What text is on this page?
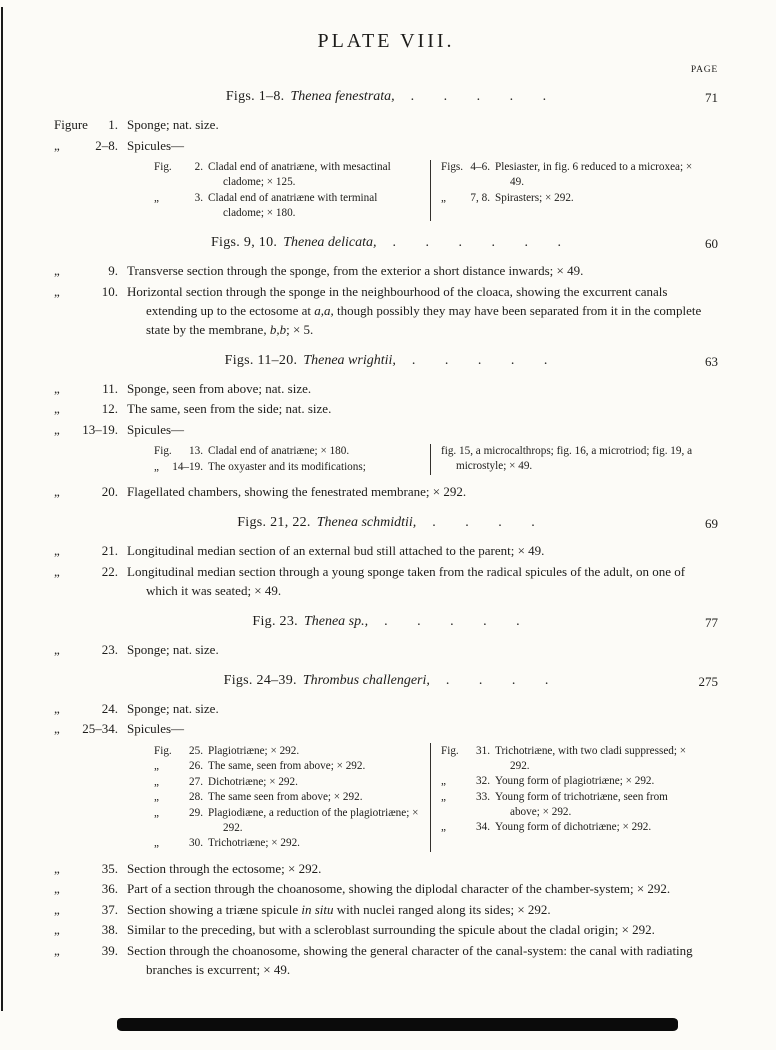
PLATE VIII.
PAGE
Figs. 1–8. Thenea fenestrata, . . . . .	71
Figure 1. Sponge; nat. size.
„	2–8. Spicules—
Fig. 2. Cladal end of anatriæne, with mesactinal cladome; × 125.
„	3. Cladal end of anatriæne with terminal cladome; × 180.
Figs. 4–6. Plesiaster, in fig. 6 reduced to a microxea; × 49.
„ 7, 8. Spirasters; × 292.
Figs. 9, 10. Thenea delicata, . . . . . .	60
„	9. Transverse section through the sponge, from the exterior a short distance inwards; × 49.
„	10. Horizontal section through the sponge in the neighbourhood of the cloaca, showing the excurrent canals extending up to the ectosome at a,a, though possibly they may have been separated from it in the complete state by the membrane, b,b; × 5.
Figs. 11–20. Thenea wrightii, . . . . .	63
„	11. Sponge, seen from above; nat. size.
„	12. The same, seen from the side; nat. size.
„ 13–19. Spicules—
Fig. 13. Cladal end of anatriæne; × 180.
„ 14–19. The oxyaster and its modifications;
fig. 15, a microcalthrops; fig. 16, a microtriod; fig. 19, a microstyle; × 49.
„	20. Flagellated chambers, showing the fenestrated membrane; × 292.
Figs. 21, 22. Thenea schmidtii, . . . .	69
„	21. Longitudinal median section of an external bud still attached to the parent; × 49.
„	22. Longitudinal median section through a young sponge taken from the radical spicules of the adult, on one of which it was seated; × 49.
Fig. 23. Thenea sp., . . . . .	77
„	23. Sponge; nat. size.
Figs. 24–39. Thrombus challengeri, . . . .	275
„	24. Sponge; nat. size.
„ 25–34. Spicules—
Fig. 25. Plagiotriæne; × 292.
„	26. The same, seen from above; × 292.
„	27. Dichotriæne; × 292.
„	28. The same seen from above; × 292.
„	29. Plagiodiæne, a reduction of the plagiotriæne; × 292.
„	30. Trichotriæne; × 292.
Fig. 31. Trichotriæne, with two cladi suppressed; × 292.
„	32. Young form of plagiotriæne; × 292.
„	33. Young form of trichotriæne, seen from above; × 292.
„	34. Young form of dichotriæne; × 292.
„	35. Section through the ectosome; × 292.
„	36. Part of a section through the choanosome, showing the diplodal character of the chamber-system; × 292.
„	37. Section showing a triæne spicule in situ with nuclei ranged along its sides; × 292.
„	38. Similar to the preceding, but with a scleroblast surrounding the spicule about the cladal origin; × 292.
„	39. Section through the choanosome, showing the general character of the canal-system: the canal with radiating branches is excurrent; × 49.
